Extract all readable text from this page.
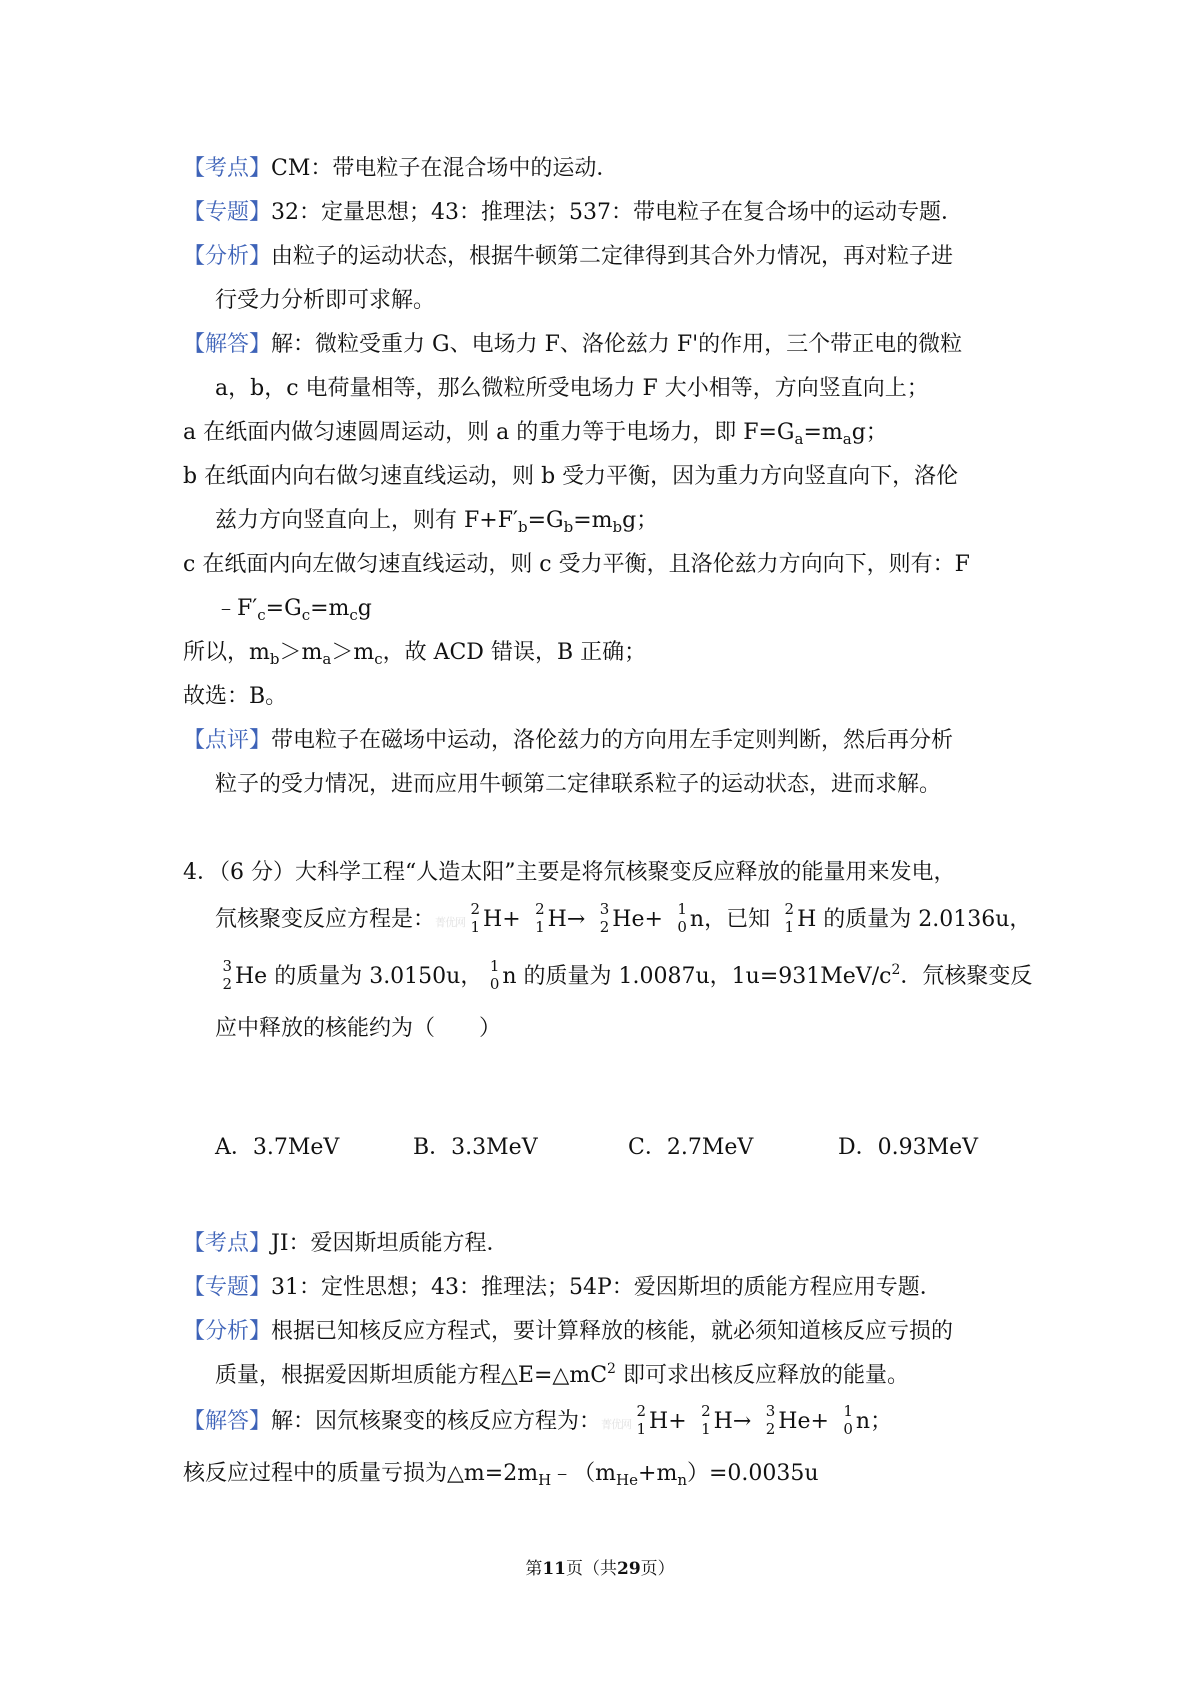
【考点】CM：带电粒子在混合场中的运动．
【专题】32：定量思想；43：推理法；537：带电粒子在复合场中的运动专题．
【分析】由粒子的运动状态，根据牛顿第二定律得到其合外力情况，再对粒子进
行受力分析即可求解。
【解答】解：微粒受重力 G、电场力 F、洛伦兹力 F'的作用，三个带正电的微粒
a，b，c 电荷量相等，那么微粒所受电场力 F 大小相等，方向竖直向上；
a 在纸面内做匀速圆周运动，则 a 的重力等于电场力，即 $F=G_a=m_ag$；
b 在纸面内向右做匀速直线运动，则 b 受力平衡，因为重力方向竖直向下，洛伦
兹力方向竖直向上，则有 $F+F'_b=G_b=m_bg$；
c 在纸面内向左做匀速直线运动，则 c 受力平衡，且洛伦兹力方向向下，则有：F
$﹣F'_c=G_c=m_cg$
所以，$m_b>m_a>m_c$，故 ACD 错误，B 正确；
故选：B。
【点评】带电粒子在磁场中运动，洛伦兹力的方向用左手定则判断，然后再分析
粒子的受力情况，进而应用牛顿第二定律联系粒子的运动状态，进而求解。
4．（6 分）大科学工程“人造太阳”主要是将氘核聚变反应释放的能量用来发电，
氘核聚变反应方程是：菁优网
2
1 H+ 2
1 H→ 3
2 He+ 1
0 n，已知 2
1 H 的质量为 2.0136u，
3
2 He 的质量为 3.0150u， 1
0 n 的质量为 1.0087u，$1u=931MeV/c^2$．氘核聚变反
应中释放的核能约为（　　）
A．3.7MeV	B．3.3MeV	C．2.7MeV	D．0.93MeV
【考点】JI：爱因斯坦质能方程．
【专题】31：定性思想；43：推理法；54P：爱因斯坦的质能方程应用专题．
【分析】根据已知核反应方程式，要计算释放的核能，就必须知道核反应亏损的
质量，根据爱因斯坦质能方程$\triangle E=\triangle mC^2$ 即可求出核反应释放的能量。
【解答】解：因氘核聚变的核反应方程为：菁优网
2
1 H+ 2
1 H→ 3
2 He+ 1
0 n；
核反应过程中的质量亏损为$\triangle m=2m_H﹣(m_{He}+m_n)=0.0035u$
第11页（共29页）
